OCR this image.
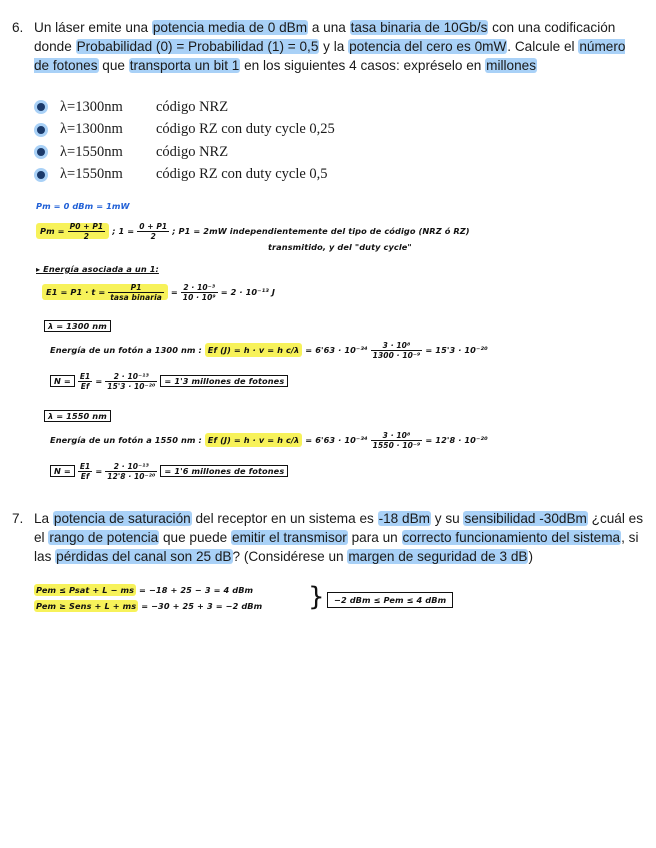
6. Un láser emite una potencia media de 0 dBm a una tasa binaria de 10Gb/s con una codificación donde Probabilidad (0) = Probabilidad (1) = 0,5 y la potencia del cero es 0mW. Calcule el número de fotones que transporta un bit 1 en los siguientes 4 casos: expréselo en millones
λ=1300nm	código NRZ
λ=1300nm	código RZ con duty cycle 0,25
λ=1550nm	código NRZ
λ=1550nm	código RZ con duty cycle 0,5
Pm = 0 dBm = 1mW
$Pm = \frac{P0 + P1}{2}$ ; $1 = \frac{0 + P1}{2}$ ; P1 = 2mW independientemente del tipo de código (NRZ ó RZ)
transmitido, y del "duty cycle"
▸ Energía asociada a un 1:
$E1 = P1 \cdot t = \frac{P1}{\text{tasa binaria}} = \frac{\text{2 · 10⁻³}}{\text{10 · 10⁹}} = 2 \cdot 10^{-13}$ J
λ = 1300 nm
Energía de un fotón a 1300 nm : Ef (J) = h · v = h $c/\lambda = 6'63 \cdot 10^{-34} \frac{\text{3 · 10⁸}}{\text{1300 · 10⁻⁹}} = 15'3 \cdot 10^{-20}$
$N = \frac{E1}{Ef} = \frac{\text{2 · 10⁻¹³}}{\text{15'3 · 10⁻²⁰}} = 1'3$ millones de fotones
λ = 1550 nm
Energía de un fotón a 1550 nm : Ef (J) = h · v = h $c/\lambda = 6'63 \cdot 10^{-34} \frac{\text{3 · 10⁸}}{\text{1550 · 10⁻⁹}} = 12'8 \cdot 10^{-20}$
$N = \frac{E1}{Ef} = \frac{\text{2 · 10⁻¹³}}{\text{12'8 · 10⁻²⁰}} = 1'6$ millones de fotones
7. La potencia de saturación del receptor en un sistema es -18 dBm y su sensibilidad -30dBm ¿cuál es el rango de potencia que puede emitir el transmisor para un correcto funcionamiento del sistema, si las pérdidas del canal son 25 dB? (Considérese un margen de seguridad de 3 dB)
Pem ≤ Psat + L − ms = −18 + 25 − 3 = 4 dBm
Pem ≥ Sens + L + ms = −30 + 25 + 3 = −2 dBm }	−2 dBm ≤ Pem ≤ 4 dBm
